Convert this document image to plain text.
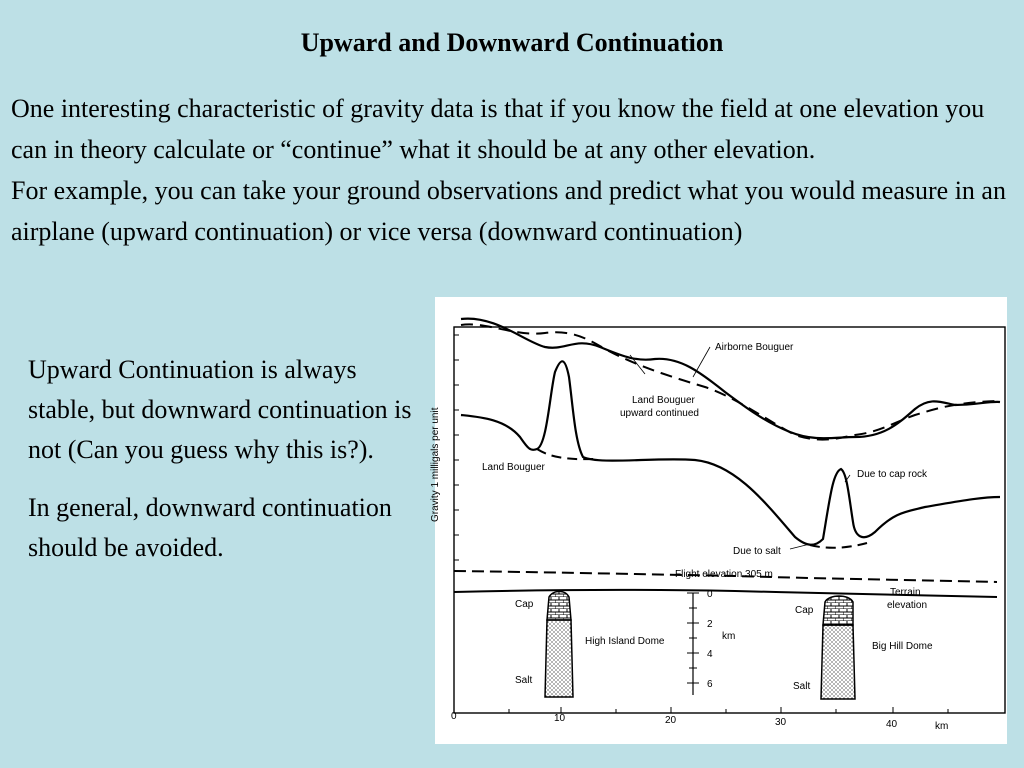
Upward and Downward Continuation

One interesting characteristic of gravity data is that if you know the field at one elevation you can in theory calculate or “continue” what it should be at any other elevation.

For example, you can take your ground observations and predict what you would measure in an airplane (upward continuation) or vice versa (downward continuation)

Upward Continuation is always stable, but downward continuation is not (Can you guess why this is?).

In general, downward continuation should be avoided.

Gravity 1 milligals per unit
Airborne Bouguer
Land Bouguer
upward continued
Land Bouguer
Due to cap rock
Due to salt
Flight elevation 305 m
Terrain
elevation
Cap
Salt
High Island Dome
Cap
Salt
Big Hill Dome
0
2
4
6
km
0	10	20	30	40	km
